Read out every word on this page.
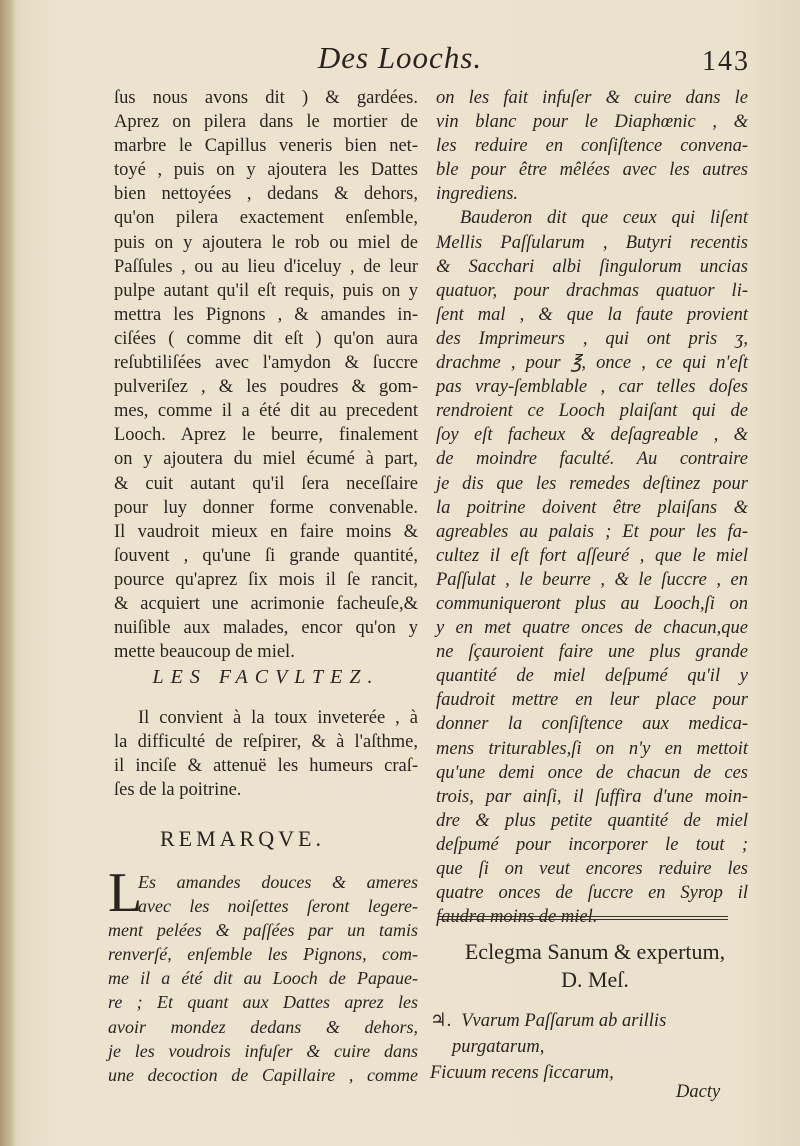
Des Loochs.	143
ſus nous avons dit ) & gardées.
Aprez on pilera dans le mortier de
marbre le Capillus veneris bien net-
toyé , puis on y ajoutera les Dattes
bien nettoyées , dedans & dehors,
qu'on pilera exactement enſemble,
puis on y ajoutera le rob ou miel de
Paſſules , ou au lieu d'iceluy , de leur
pulpe autant qu'il eſt requis, puis on y
mettra les Pignons , & amandes in-
ciſées ( comme dit eſt ) qu'on aura
reſubtiliſées avec l'amydon & ſuccre
pulveriſez , & les poudres & gom-
mes, comme il a été dit au precedent
Looch. Aprez le beurre, finalement
on y ajoutera du miel écumé à part,
& cuit autant qu'il ſera neceſſaire
pour luy donner forme convenable.
Il vaudroit mieux en faire moins &
ſouvent , qu'une ſi grande quantité,
pource qu'aprez ſix mois il ſe rancit,
& acquiert une acrimonie facheuſe,&
nuiſible aux malades, encor qu'on y
mette beaucoup de miel.
LES FACVLTEZ.
Il convient à la toux inveterée , à
la difficulté de reſpirer, & à l'aſthme,
il inciſe & attenuë les humeurs craſ-
ſes de la poitrine.
REMARQVE.
L
Es amandes douces & ameres
avec les noiſettes ſeront legere-
ment pelées & paſſées par un tamis
renverſé, enſemble les Pignons, com-
me il a été dit au Looch de Papaue-
re ; Et quant aux Dattes aprez les
avoir mondez dedans & dehors,
je les voudrois infuſer & cuire dans
une decoction de Capillaire , comme
on les fait infuſer & cuire dans le
vin blanc pour le Diaphœnic , &
les reduire en conſiſtence convena-
ble pour être mêlées avec les autres
ingrediens.
Bauderon dit que ceux qui liſent
Mellis Paſſularum , Butyri recentis
& Sacchari albi ſingulorum uncias
quatuor, pour drachmas quatuor li-
ſent mal , & que la faute provient
des Imprimeurs , qui ont pris ʒ,
drachme , pour ℥, once , ce qui n'eſt
pas vray-ſemblable , car telles doſes
rendroient ce Looch plaiſant qui de
ſoy eſt facheux & deſagreable , &
de moindre faculté. Au contraire
je dis que les remedes deſtinez pour
la poitrine doivent être plaiſans &
agreables au palais ; Et pour les fa-
cultez il eſt fort aſſeuré , que le miel
Paſſulat , le beurre , & le ſuccre , en
communiqueront plus au Looch,ſi on
y en met quatre onces de chacun,que
ne ſçauroient faire une plus grande
quantité de miel deſpumé qu'il y
faudroit mettre en leur place pour
donner la conſiſtence aux medica-
mens triturables,ſi on n'y en mettoit
qu'une demi once de chacun de ces
trois, par ainſi, il ſuffira d'une moin-
dre & plus petite quantité de miel
deſpumé pour incorporer le tout ;
que ſi on veut encores reduire les
quatre onces de ſuccre en Syrop il
faudra moins de miel.
Eclegma Sanum & expertum,
D. Meſ.
♃. Vvarum Paſſarum ab arillis
purgatarum,
Ficuum recens ſiccarum,
Dacty
